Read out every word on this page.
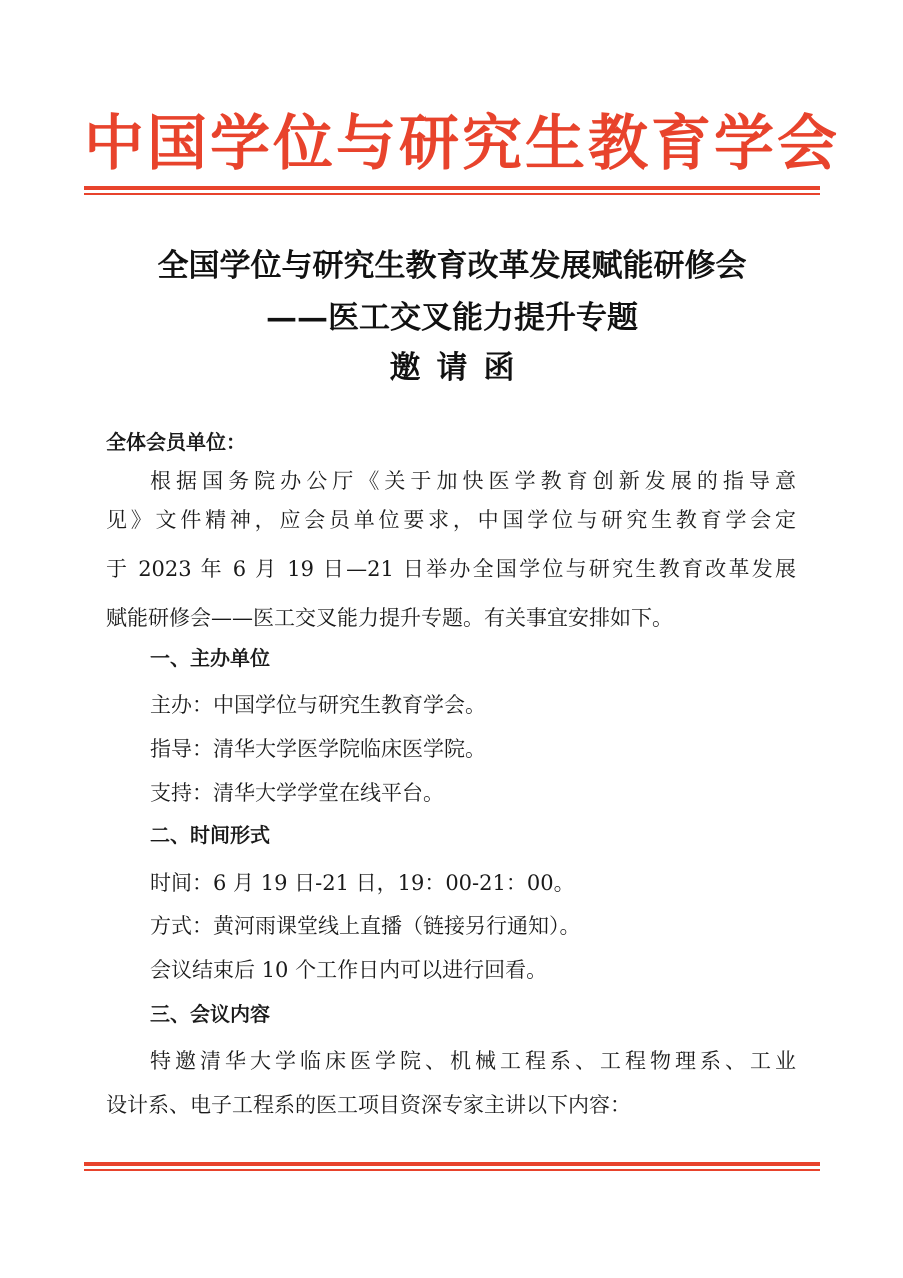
中国学位与研究生教育学会
全国学位与研究生教育改革发展赋能研修会
——医工交叉能力提升专题
邀请函
全体会员单位：
根据国务院办公厅《关于加快医学教育创新发展的指导意
见》文件精神，应会员单位要求，中国学位与研究生教育学会定
于 2023 年 6 月 19 日—21 日举办全国学位与研究生教育改革发展
赋能研修会——医工交叉能力提升专题。有关事宜安排如下。
一、主办单位
主办：中国学位与研究生教育学会。
指导：清华大学医学院临床医学院。
支持：清华大学学堂在线平台。
二、时间形式
时间：6 月 19 日-21 日，19：00-21：00。
方式：黄河雨课堂线上直播（链接另行通知）。
会议结束后 10 个工作日内可以进行回看。
三、会议内容
特邀清华大学临床医学院、机械工程系、工程物理系、工业
设计系、电子工程系的医工项目资深专家主讲以下内容：
